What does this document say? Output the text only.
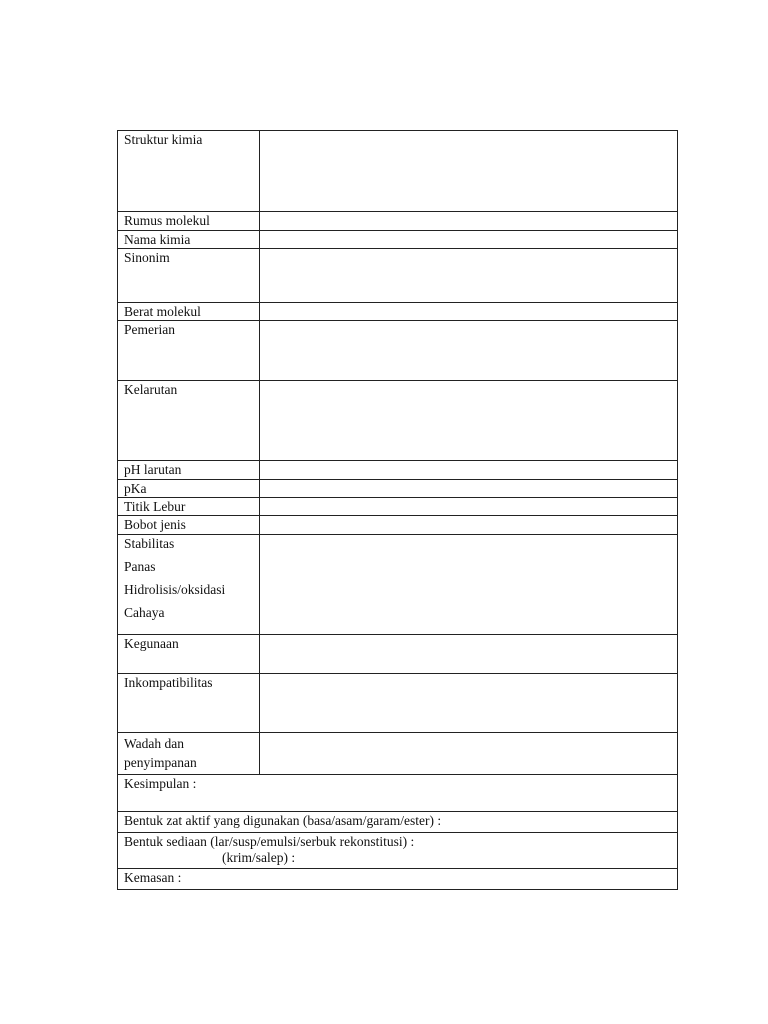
Struktur kimia	
Rumus molekul	
Nama kimia	
Sinonim	
Berat molekul	
Pemerian	
Kelarutan	
pH larutan	
pKa	
Titik Lebur	
Bobot jenis	

Stabilitas
Panas
Hidrolisis/oksidasi
Cahaya	

Kegunaan	
Inkompatibilitas	
Wadah dan penyimpanan	
Kesimpulan :	
Bentuk zat aktif yang digunakan (basa/asam/garam/ester) :	

Bentuk sediaan (lar/susp/emulsi/serbuk rekonstitusi) :
(krim/salep) :	

Kemasan :	
